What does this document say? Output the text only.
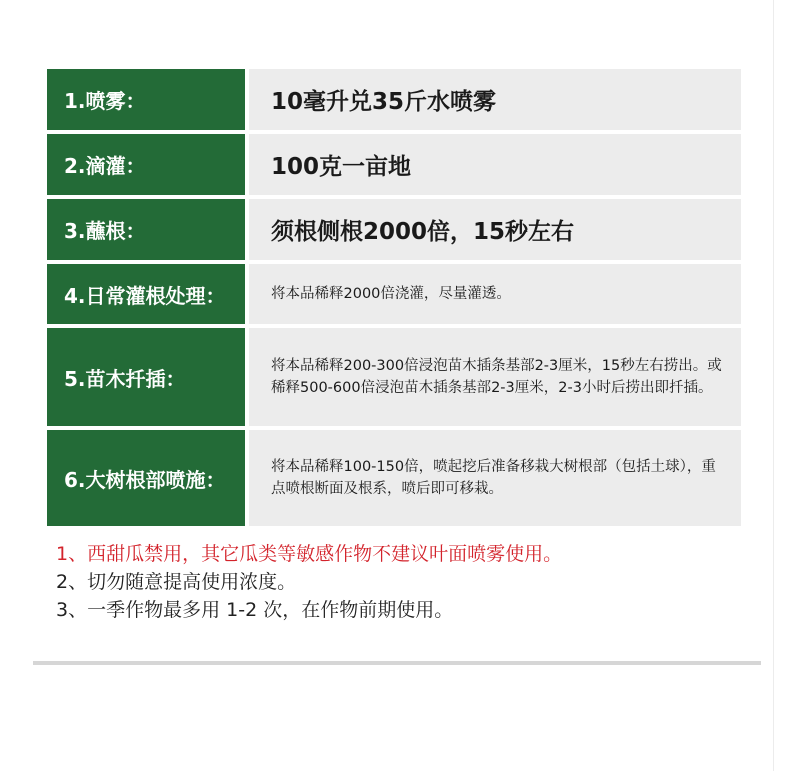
1.喷雾：	10毫升兑35斤水喷雾
2.滴灌：	100克一亩地
3.蘸根：	须根侧根2000倍，15秒左右
4.日常灌根处理：	将本品稀释2000倍浇灌，尽量灌透。
5.苗木扦插：
将本品稀释200-300倍浸泡苗木插条基部2-3厘米，15秒左右捞出。或稀释500-600倍浸泡苗木插条基部2-3厘米，2-3小时后捞出即扦插。
6.大树根部喷施：
将本品稀释100-150倍，喷起挖后准备移栽大树根部（包括土球），重点喷根断面及根系，喷后即可移栽。
1、西甜瓜禁用，其它瓜类等敏感作物不建议叶面喷雾使用。
2、切勿随意提高使用浓度。
3、一季作物最多用 1-2 次，在作物前期使用。
